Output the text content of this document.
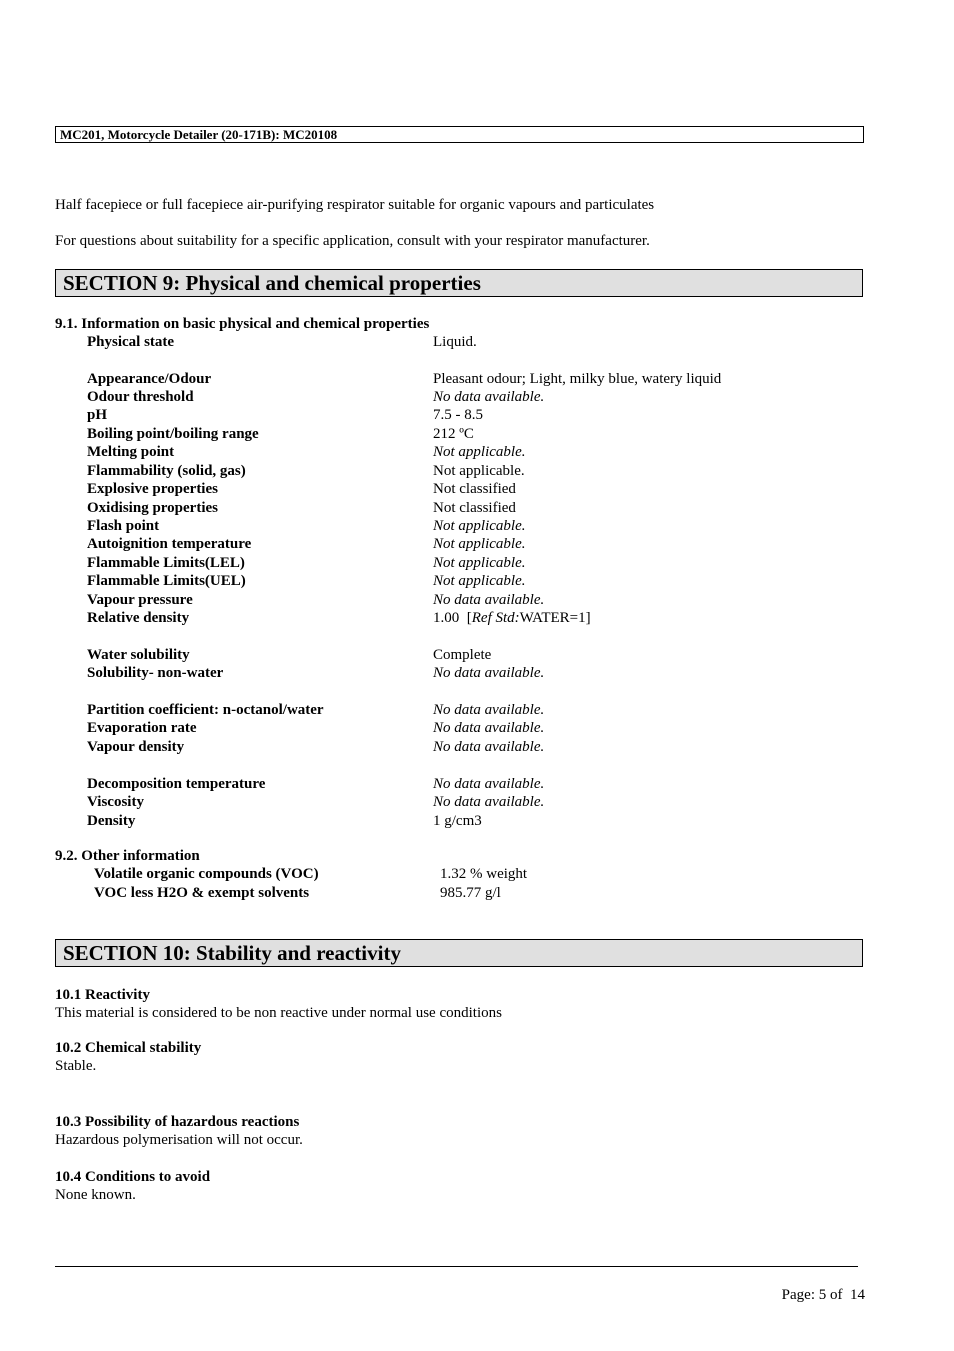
MC201, Motorcycle Detailer (20-171B): MC20108
Half facepiece or full facepiece air-purifying respirator suitable for organic vapours and particulates
For questions about suitability for a specific application, consult with your respirator manufacturer.
SECTION 9: Physical and chemical properties
9.1. Information on basic physical and chemical properties
Physical state	Liquid.
Appearance/Odour	Pleasant odour; Light, milky blue, watery liquid
Odour threshold	No data available.
pH	7.5 - 8.5
Boiling point/boiling range	212 ºC
Melting point	Not applicable.
Flammability (solid, gas)	Not applicable.
Explosive properties	Not classified
Oxidising properties	Not classified
Flash point	Not applicable.
Autoignition temperature	Not applicable.
Flammable Limits(LEL)	Not applicable.
Flammable Limits(UEL)	Not applicable.
Vapour pressure	No data available.
Relative density	1.00 [Ref Std:WATER=1]
Water solubility	Complete
Solubility- non-water	No data available.
Partition coefficient: n-octanol/water	No data available.
Evaporation rate	No data available.
Vapour density	No data available.
Decomposition temperature	No data available.
Viscosity	No data available.
Density	1 g/cm3
9.2. Other information
Volatile organic compounds (VOC)	1.32 % weight
VOC less H2O & exempt solvents	985.77 g/l
SECTION 10: Stability and reactivity
10.1 Reactivity
This material is considered to be non reactive under normal use conditions
10.2 Chemical stability
Stable.
10.3 Possibility of hazardous reactions
Hazardous polymerisation will not occur.
10.4 Conditions to avoid
None known.
Page: 5 of 14
